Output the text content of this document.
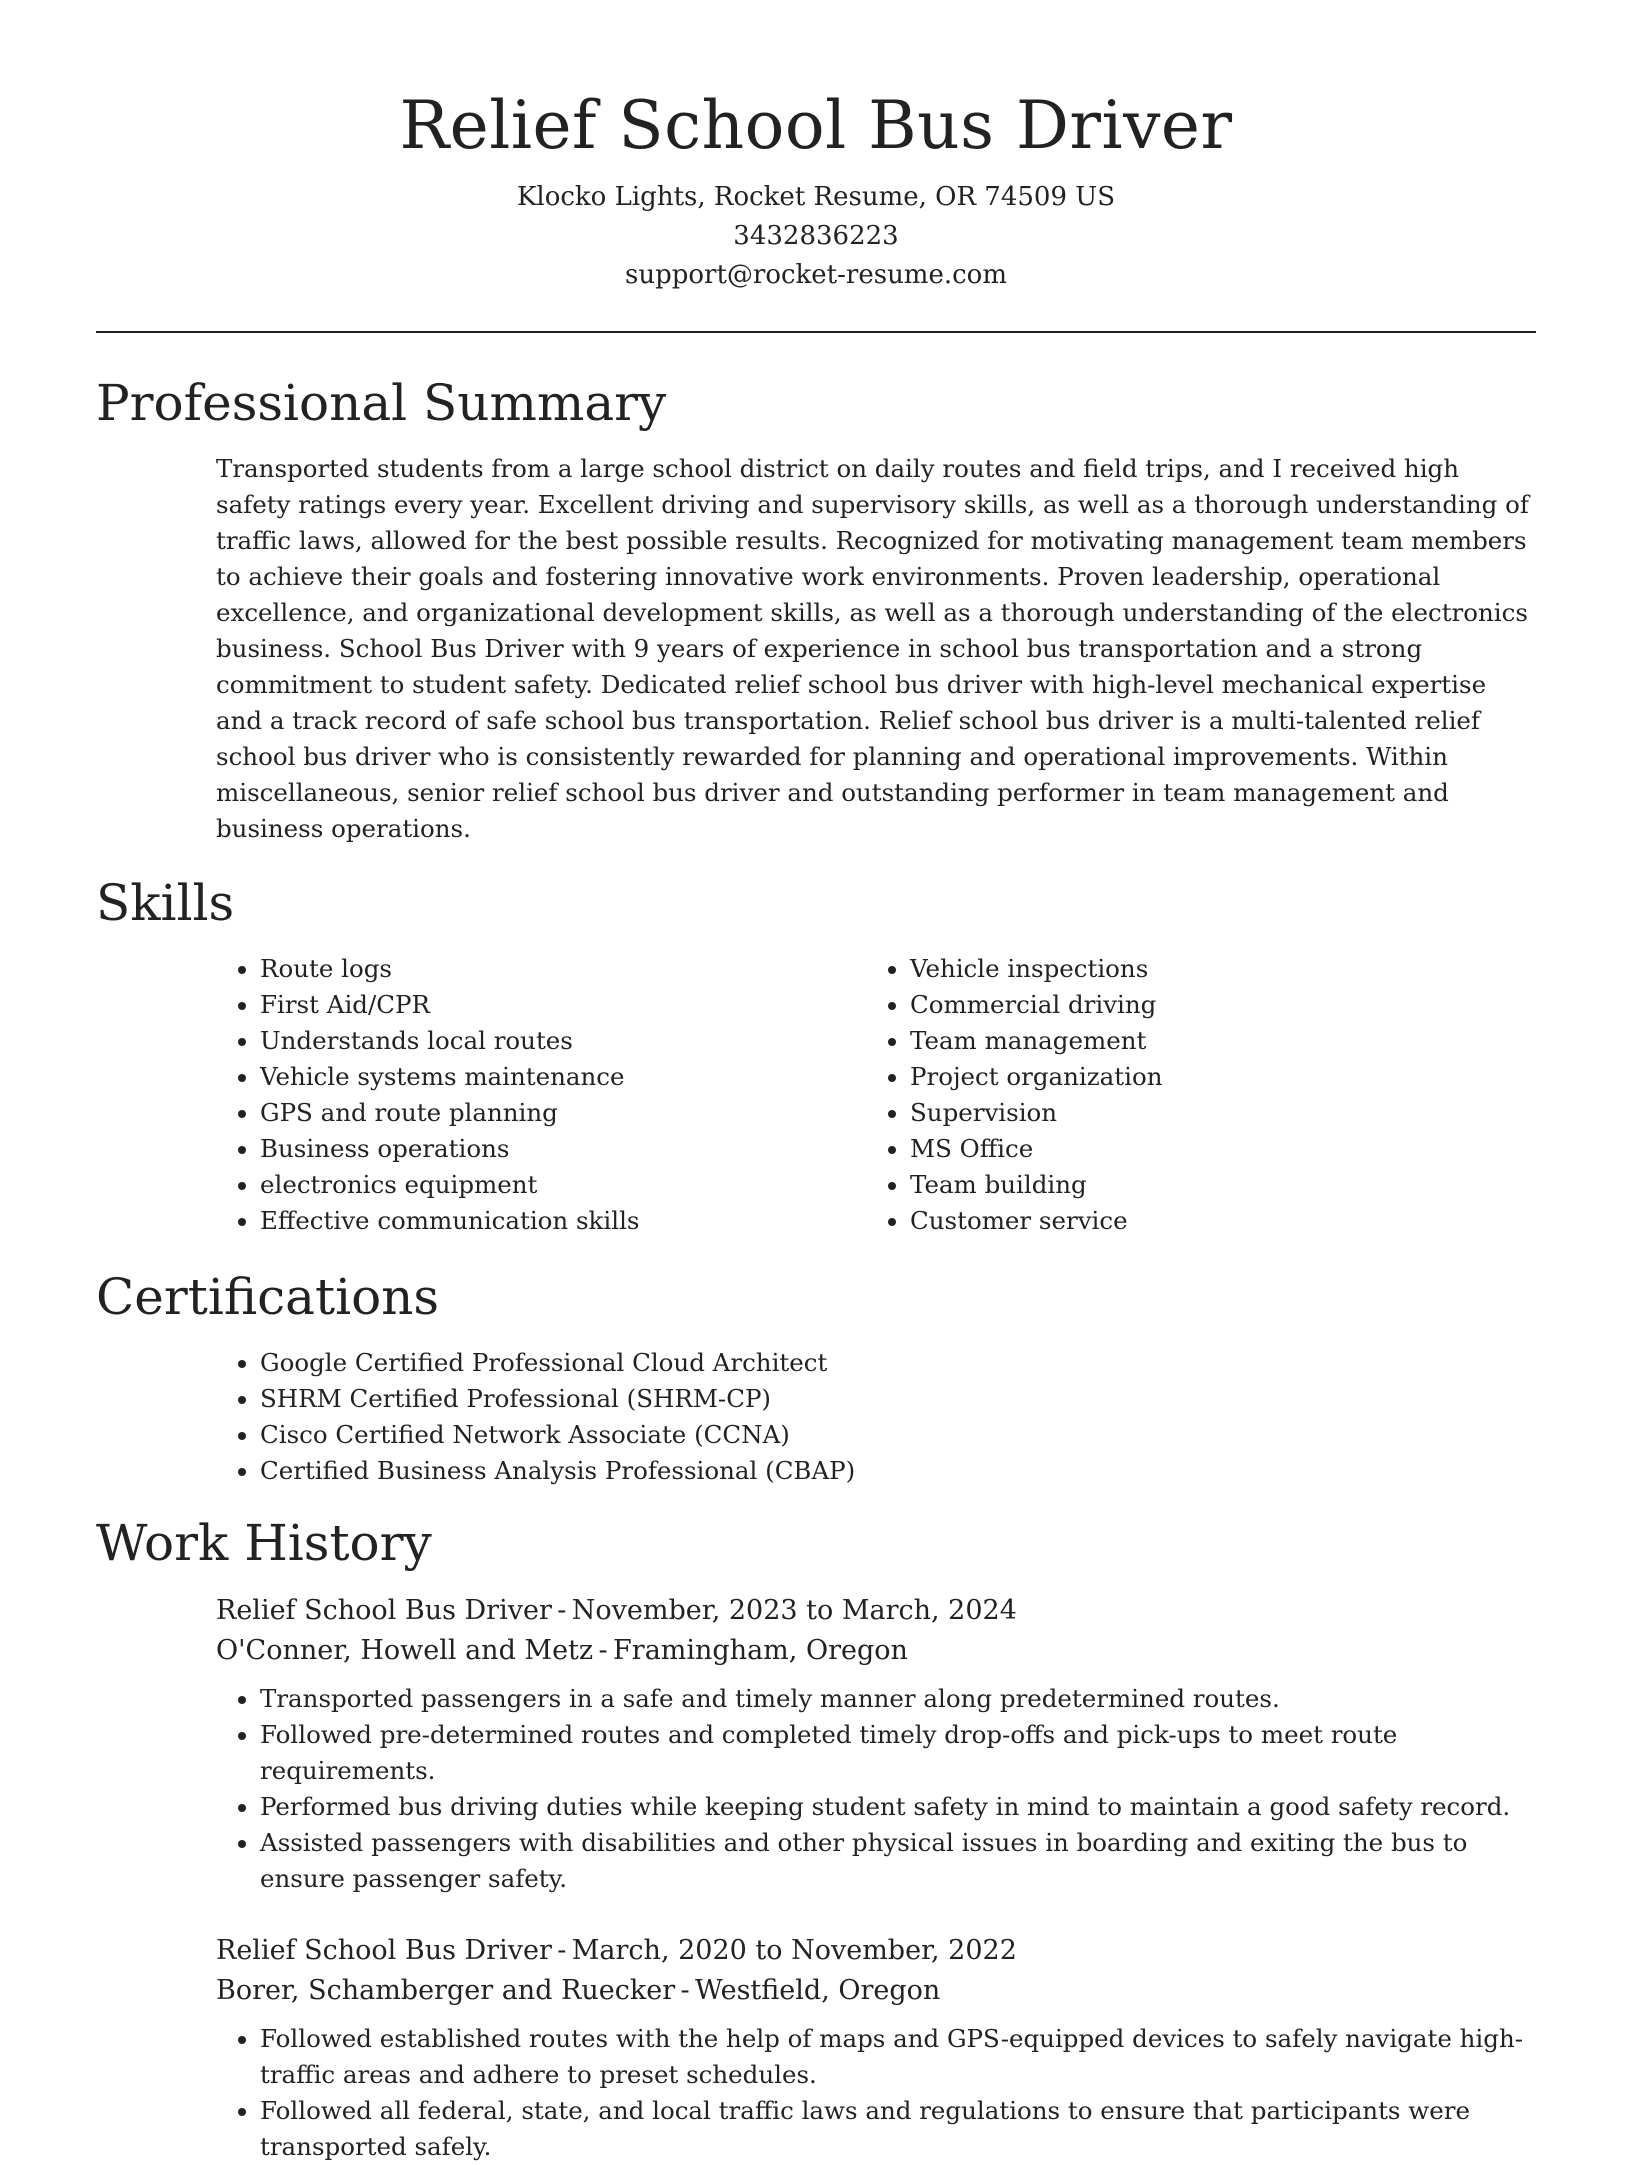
Relief School Bus Driver

Klocko Lights, Rocket Resume, OR 74509 US

3432836223

support@rocket-resume.com

Professional Summary

Transported students from a large school district on daily routes and field trips, and I received high safety ratings every year. Excellent driving and supervisory skills, as well as a thorough understanding of traffic laws, allowed for the best possible results. Recognized for motivating management team members to achieve their goals and fostering innovative work environments. Proven leadership, operational excellence, and organizational development skills, as well as a thorough understanding of the electronics business. School Bus Driver with 9 years of experience in school bus transportation and a strong commitment to student safety. Dedicated relief school bus driver with high-level mechanical expertise and a track record of safe school bus transportation. Relief school bus driver is a multi-talented relief school bus driver who is consistently rewarded for planning and operational improvements. Within miscellaneous, senior relief school bus driver and outstanding performer in team management and business operations.

Skills
• Route logs
• First Aid/CPR
• Understands local routes
• Vehicle systems maintenance
• GPS and route planning
• Business operations
• electronics equipment
• Effective communication skills
• Vehicle inspections
• Commercial driving
• Team management
• Project organization
• Supervision
• MS Office
• Team building
• Customer service
Certifications
• Google Certified Professional Cloud Architect
• SHRM Certified Professional (SHRM-CP)
• Cisco Certified Network Associate (CCNA)
• Certified Business Analysis Professional (CBAP)
Work History

Relief School Bus Driver - November, 2023 to March, 2024

O'Conner, Howell and Metz - Framingham, Oregon

• Transported passengers in a safe and timely manner along predetermined routes.
• Followed pre-determined routes and completed timely drop-offs and pick-ups to meet route requirements.
• Performed bus driving duties while keeping student safety in mind to maintain a good safety record.
• Assisted passengers with disabilities and other physical issues in boarding and exiting the bus to ensure passenger safety.

Relief School Bus Driver - March, 2020 to November, 2022

Borer, Schamberger and Ruecker - Westfield, Oregon

• Followed established routes with the help of maps and GPS-equipped devices to safely navigate high-traffic areas and adhere to preset schedules.
• Followed all federal, state, and local traffic laws and regulations to ensure that participants were transported safely.
